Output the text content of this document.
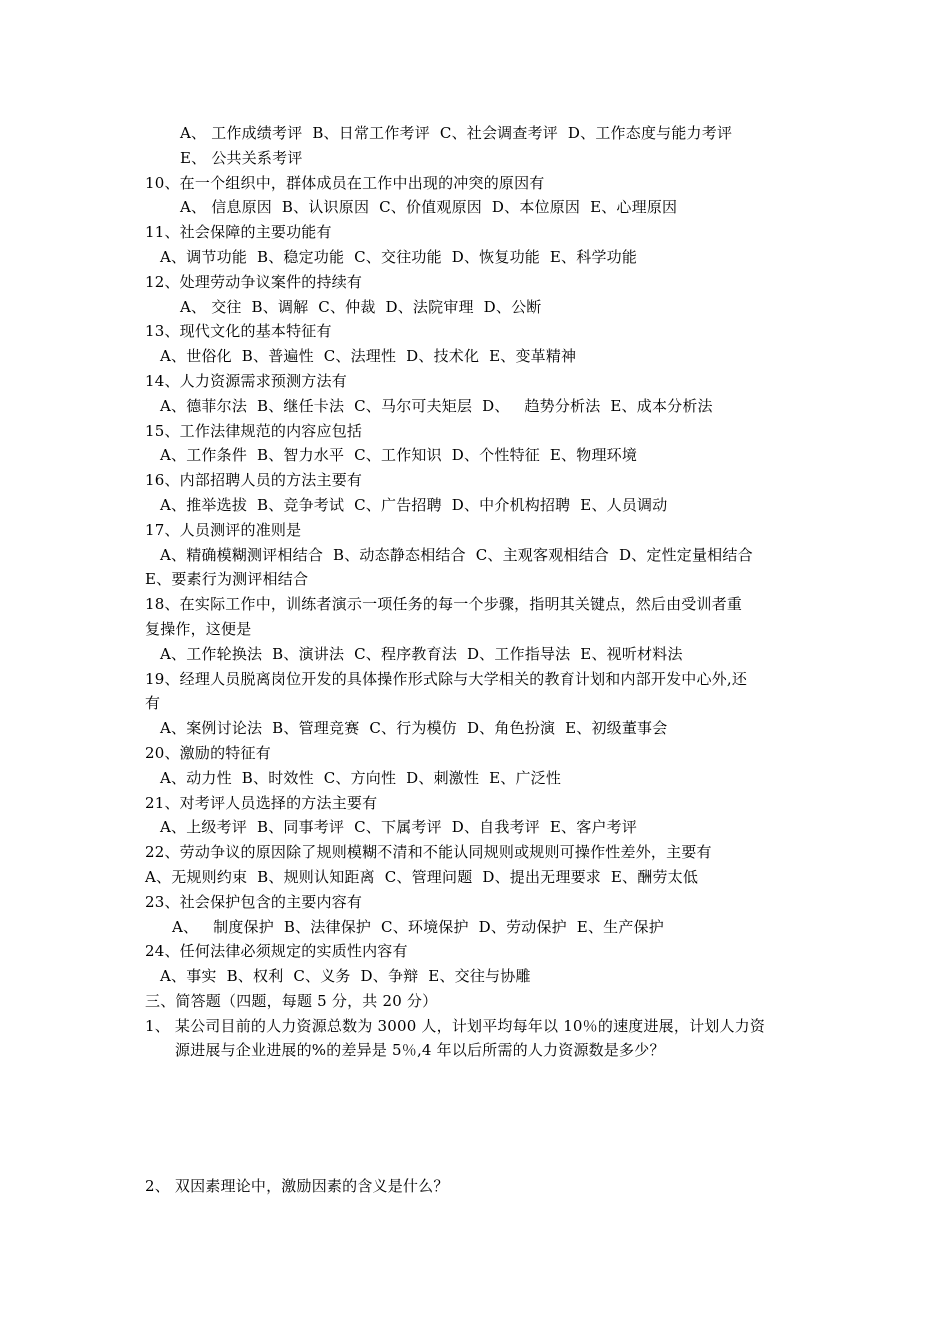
A、 工作成绩考评  B、日常工作考评  C、社会调查考评  D、工作态度与能力考评
E、 公共关系考评
10、在一个组织中，群体成员在工作中出现的冲突的原因有
A、 信息原因  B、认识原因  C、价值观原因  D、本位原因  E、心理原因
11、社会保障的主要功能有
A、调节功能  B、稳定功能  C、交往功能  D、恢复功能  E、科学功能
12、处理劳动争议案件的持续有
A、 交往  B、调解  C、仲裁  D、法院审理  D、公断
13、现代文化的基本特征有
A、世俗化  B、普遍性  C、法理性  D、技术化  E、变革精神
14、人力资源需求预测方法有
A、德菲尔法  B、继任卡法  C、马尔可夫矩层  D、   趋势分析法  E、成本分析法
15、工作法律规范的内容应包括
A、工作条件  B、智力水平  C、工作知识  D、个性特征  E、物理环境
16、内部招聘人员的方法主要有
A、推举选拔  B、竞争考试  C、广告招聘  D、中介机构招聘  E、人员调动
17、人员测评的准则是
A、精确模糊测评相结合  B、动态静态相结合  C、主观客观相结合  D、定性定量相结合
E、要素行为测评相结合
18、在实际工作中，训练者演示一项任务的每一个步骤，指明其关键点，然后由受训者重
复操作，这便是
A、工作轮换法  B、演讲法  C、程序教育法  D、工作指导法  E、视听材料法
19、经理人员脱离岗位开发的具体操作形式除与大学相关的教育计划和内部开发中心外,还
有
A、案例讨论法  B、管理竞赛  C、行为模仿  D、角色扮演  E、初级董事会
20、激励的特征有
A、动力性  B、时效性  C、方向性  D、刺激性  E、广泛性
21、对考评人员选择的方法主要有
A、上级考评  B、同事考评  C、下属考评  D、自我考评  E、客户考评
22、劳动争议的原因除了规则模糊不清和不能认同规则或规则可操作性差外，主要有
A、无规则约束  B、规则认知距离  C、管理问题  D、提出无理要求  E、酬劳太低
23、社会保护包含的主要内容有
A、   制度保护  B、法律保护  C、环境保护  D、劳动保护  E、生产保护
24、任何法律必须规定的实质性内容有
A、事实  B、权利  C、义务  D、争辩  E、交往与协雕
三、简答题（四题，每题 5 分，共 20 分）
1、 某公司目前的人力资源总数为 3000 人，计划平均每年以 10％的速度进展，计划人力资
源进展与企业进展的%的差异是 5％,4 年以后所需的人力资源数是多少？
2、 双因素理论中，激励因素的含义是什么？
